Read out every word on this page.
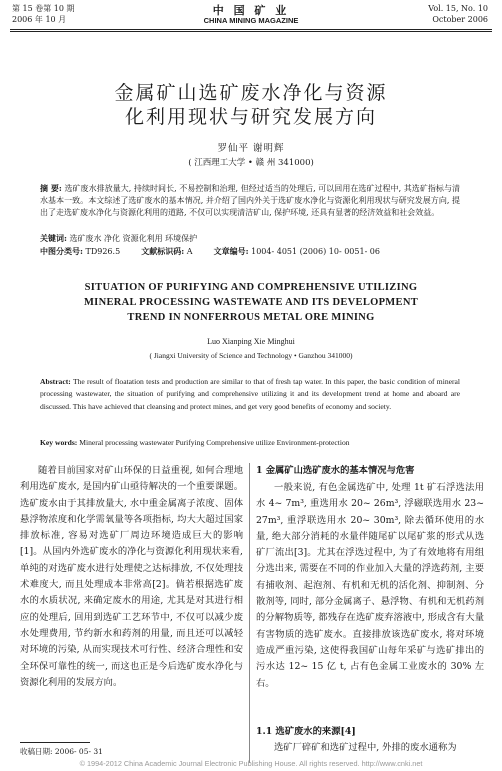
第 15 卷第 10 期
2006 年 10 月
中 国 矿 业
CHINA MINING MAGAZINE
Vol. 15, No. 10
October 2006
金属矿山选矿废水净化与资源
化利用现状与研究发展方向
罗仙平 谢明辉
( 江西理工大学 • 赣 州 341000)
摘 要: 选矿废水排放量大, 持续时间长, 不易控制和治理, 但经过适当的处理后, 可以回用在选矿过程中, 其选矿指标与清水基本一致。本文综述了选矿废水的基本情况, 并介绍了国内外关于选矿废水净化与资源化利用现状与研究发展方向, 提出了走选矿废水净化与资源化利用的道路, 不仅可以实现清洁矿山, 保护环境, 还具有显著的经济效益和社会效益。
关键词: 选矿废水 净化 资源化利用 环境保护
中图分类号: TD926.5	文献标识码: A	文章编号: 1004- 4051 (2006) 10- 0051- 06
SITUATION OF PURIFYING AND COMPREHENSIVE UTILIZING
MINERAL PROCESSING WASTEWATE AND ITS DEVELOPMENT
TREND IN NONFERROUS METAL ORE MINING
Luo Xianping Xie Minghui
( Jiangxi University of Science and Technology • Ganzhou 341000)
Abstract: The result of floatation tests and production are similar to that of fresh tap water. In this paper, the basic condition of mineral processing wastewater, the situation of purifying and comprehensive utilizing it and its development trend at home and aboard are discussed. This have achieved that cleansing and protect mines, and get very good benefits of economy and society.
Key words: Mineral processing wastewater Purifying Comprehensive utilize Environment-protection
随着目前国家对矿山环保的日益重视, 如何合理地利用选矿废水, 是国内矿山亟待解决的一个重要课题。选矿废水由于其排放量大, 水中重金属离子浓度、固体悬浮物浓度和化学需氧量等各项指标, 均大大超过国家排放标准, 容易对选矿厂周边环境造成巨大的影响[1]。从国内外选矿废水的净化与资源化利用现状来看, 单纯的对选矿废水进行处理使之达标排放, 不仅处理技术难度大, 而且处理成本非常高[2]。倘若根据选矿废水的水质状况, 来确定废水的用途, 尤其是对其进行相应的处理后, 回用到选矿工艺环节中, 不仅可以减少废水处理费用, 节约新水和药剂的用量, 而且还可以减轻对环境的污染, 从而实现技术可行性、经济合理性和安全环保可靠性的统一, 而这也正是今后选矿废水净化与资源化利用的发展方向。
收稿日期: 2006- 05- 31
1 金属矿山选矿废水的基本情况与危害
一般来说, 有色金属选矿中, 处理 1t 矿石浮选法用水 4~ 7m³, 重选用水 20~ 26m³, 浮磁联选用水 23~ 27m³, 重浮联选用水 20~ 30m³, 除去循环使用的水量, 绝大部分消耗的水量伴随尾矿以尾矿浆的形式从选矿厂流出[3]。尤其在浮选过程中, 为了有效地将有用组分选出来, 需要在不同的作业加入大量的浮选药剂, 主要有捕收剂、起泡剂、有机和无机的活化剂、抑制剂、分散剂等, 同时, 部分金属离子、悬浮物、有机和无机药剂的分解物质等, 都残存在选矿废弃溶液中, 形成含有大量有害物质的选矿废水。直接排放该选矿废水, 将对环境造成严重污染, 这使得我国矿山每年采矿与选矿排出的污水达 12~ 15 亿 t, 占有色金属工业废水的 30% 左右。
1.1 选矿废水的来源[4]
选矿厂碎矿和选矿过程中, 外排的废水通称为
© 1994-2012 China Academic Journal Electronic Publishing House. All rights reserved. http://www.cnki.net
